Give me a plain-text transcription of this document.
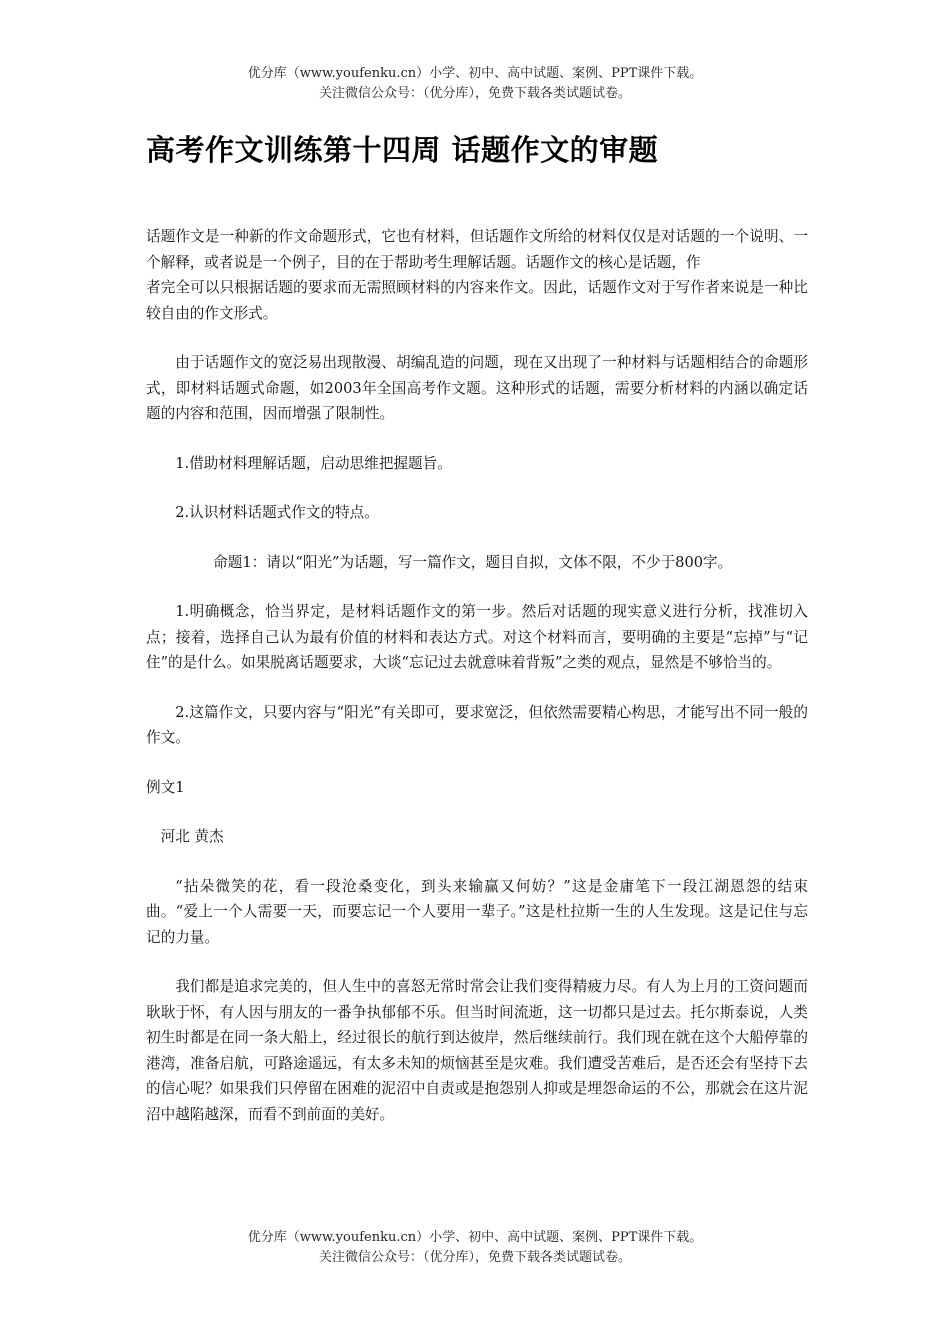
优分库（www.youfenku.cn）小学、初中、高中试题、案例、PPT课件下载。
关注微信公众号：（优分库），免费下载各类试题试卷。
高考作文训练第十四周 话题作文的审题

话题作文是一种新的作文命题形式，它也有材料，但话题作文所给的材料仅仅是对话题的一个说明、一个解释，或者说是一个例子，目的在于帮助考生理解话题。话题作文的核心是话题，作

者完全可以只根据话题的要求而无需照顾材料的内容来作文。因此，话题作文对于写作者来说是一种比较自由的作文形式。

由于话题作文的宽泛易出现散漫、胡编乱造的问题，现在又出现了一种材料与话题相结合的命题形式，即材料话题式命题，如2003年全国高考作文题。这种形式的话题，需要分析材料的内涵以确定话题的内容和范围，因而增强了限制性。

1.借助材料理解话题，启动思维把握题旨。

2.认识材料话题式作文的特点。

命题1：请以“阳光”为话题，写一篇作文，题目自拟，文体不限，不少于800字。

1.明确概念，恰当界定，是材料话题作文的第一步。然后对话题的现实意义进行分析，找准切入点；接着，选择自己认为最有价值的材料和表达方式。对这个材料而言，要明确的主要是“忘掉”与“记住”的是什么。如果脱离话题要求，大谈“忘记过去就意味着背叛”之类的观点，显然是不够恰当的。

2.这篇作文，只要内容与“阳光”有关即可，要求宽泛，但依然需要精心构思，才能写出不同一般的作文。

例文1

河北 黄杰

“拈朵微笑的花，看一段沧桑变化，到头来输赢又何妨？”这是金庸笔下一段江湖恩怨的结束曲。“爱上一个人需要一天，而要忘记一个人要用一辈子。”这是杜拉斯一生的人生发现。这是记住与忘记的力量。

我们都是追求完美的，但人生中的喜怒无常时常会让我们变得精疲力尽。有人为上月的工资问题而耿耿于怀，有人因与朋友的一番争执郁郁不乐。但当时间流逝，这一切都只是过去。托尔斯泰说，人类初生时都是在同一条大船上，经过很长的航行到达彼岸，然后继续前行。我们现在就在这个大船停靠的港湾，准备启航，可路途遥远，有太多未知的烦恼甚至是灾难。我们遭受苦难后，是否还会有坚持下去的信心呢？如果我们只停留在困难的泥沼中自责或是抱怨别人抑或是埋怨命运的不公，那就会在这片泥沼中越陷越深，而看不到前面的美好。

优分库（www.youfenku.cn）小学、初中、高中试题、案例、PPT课件下载。
关注微信公众号：（优分库），免费下载各类试题试卷。
